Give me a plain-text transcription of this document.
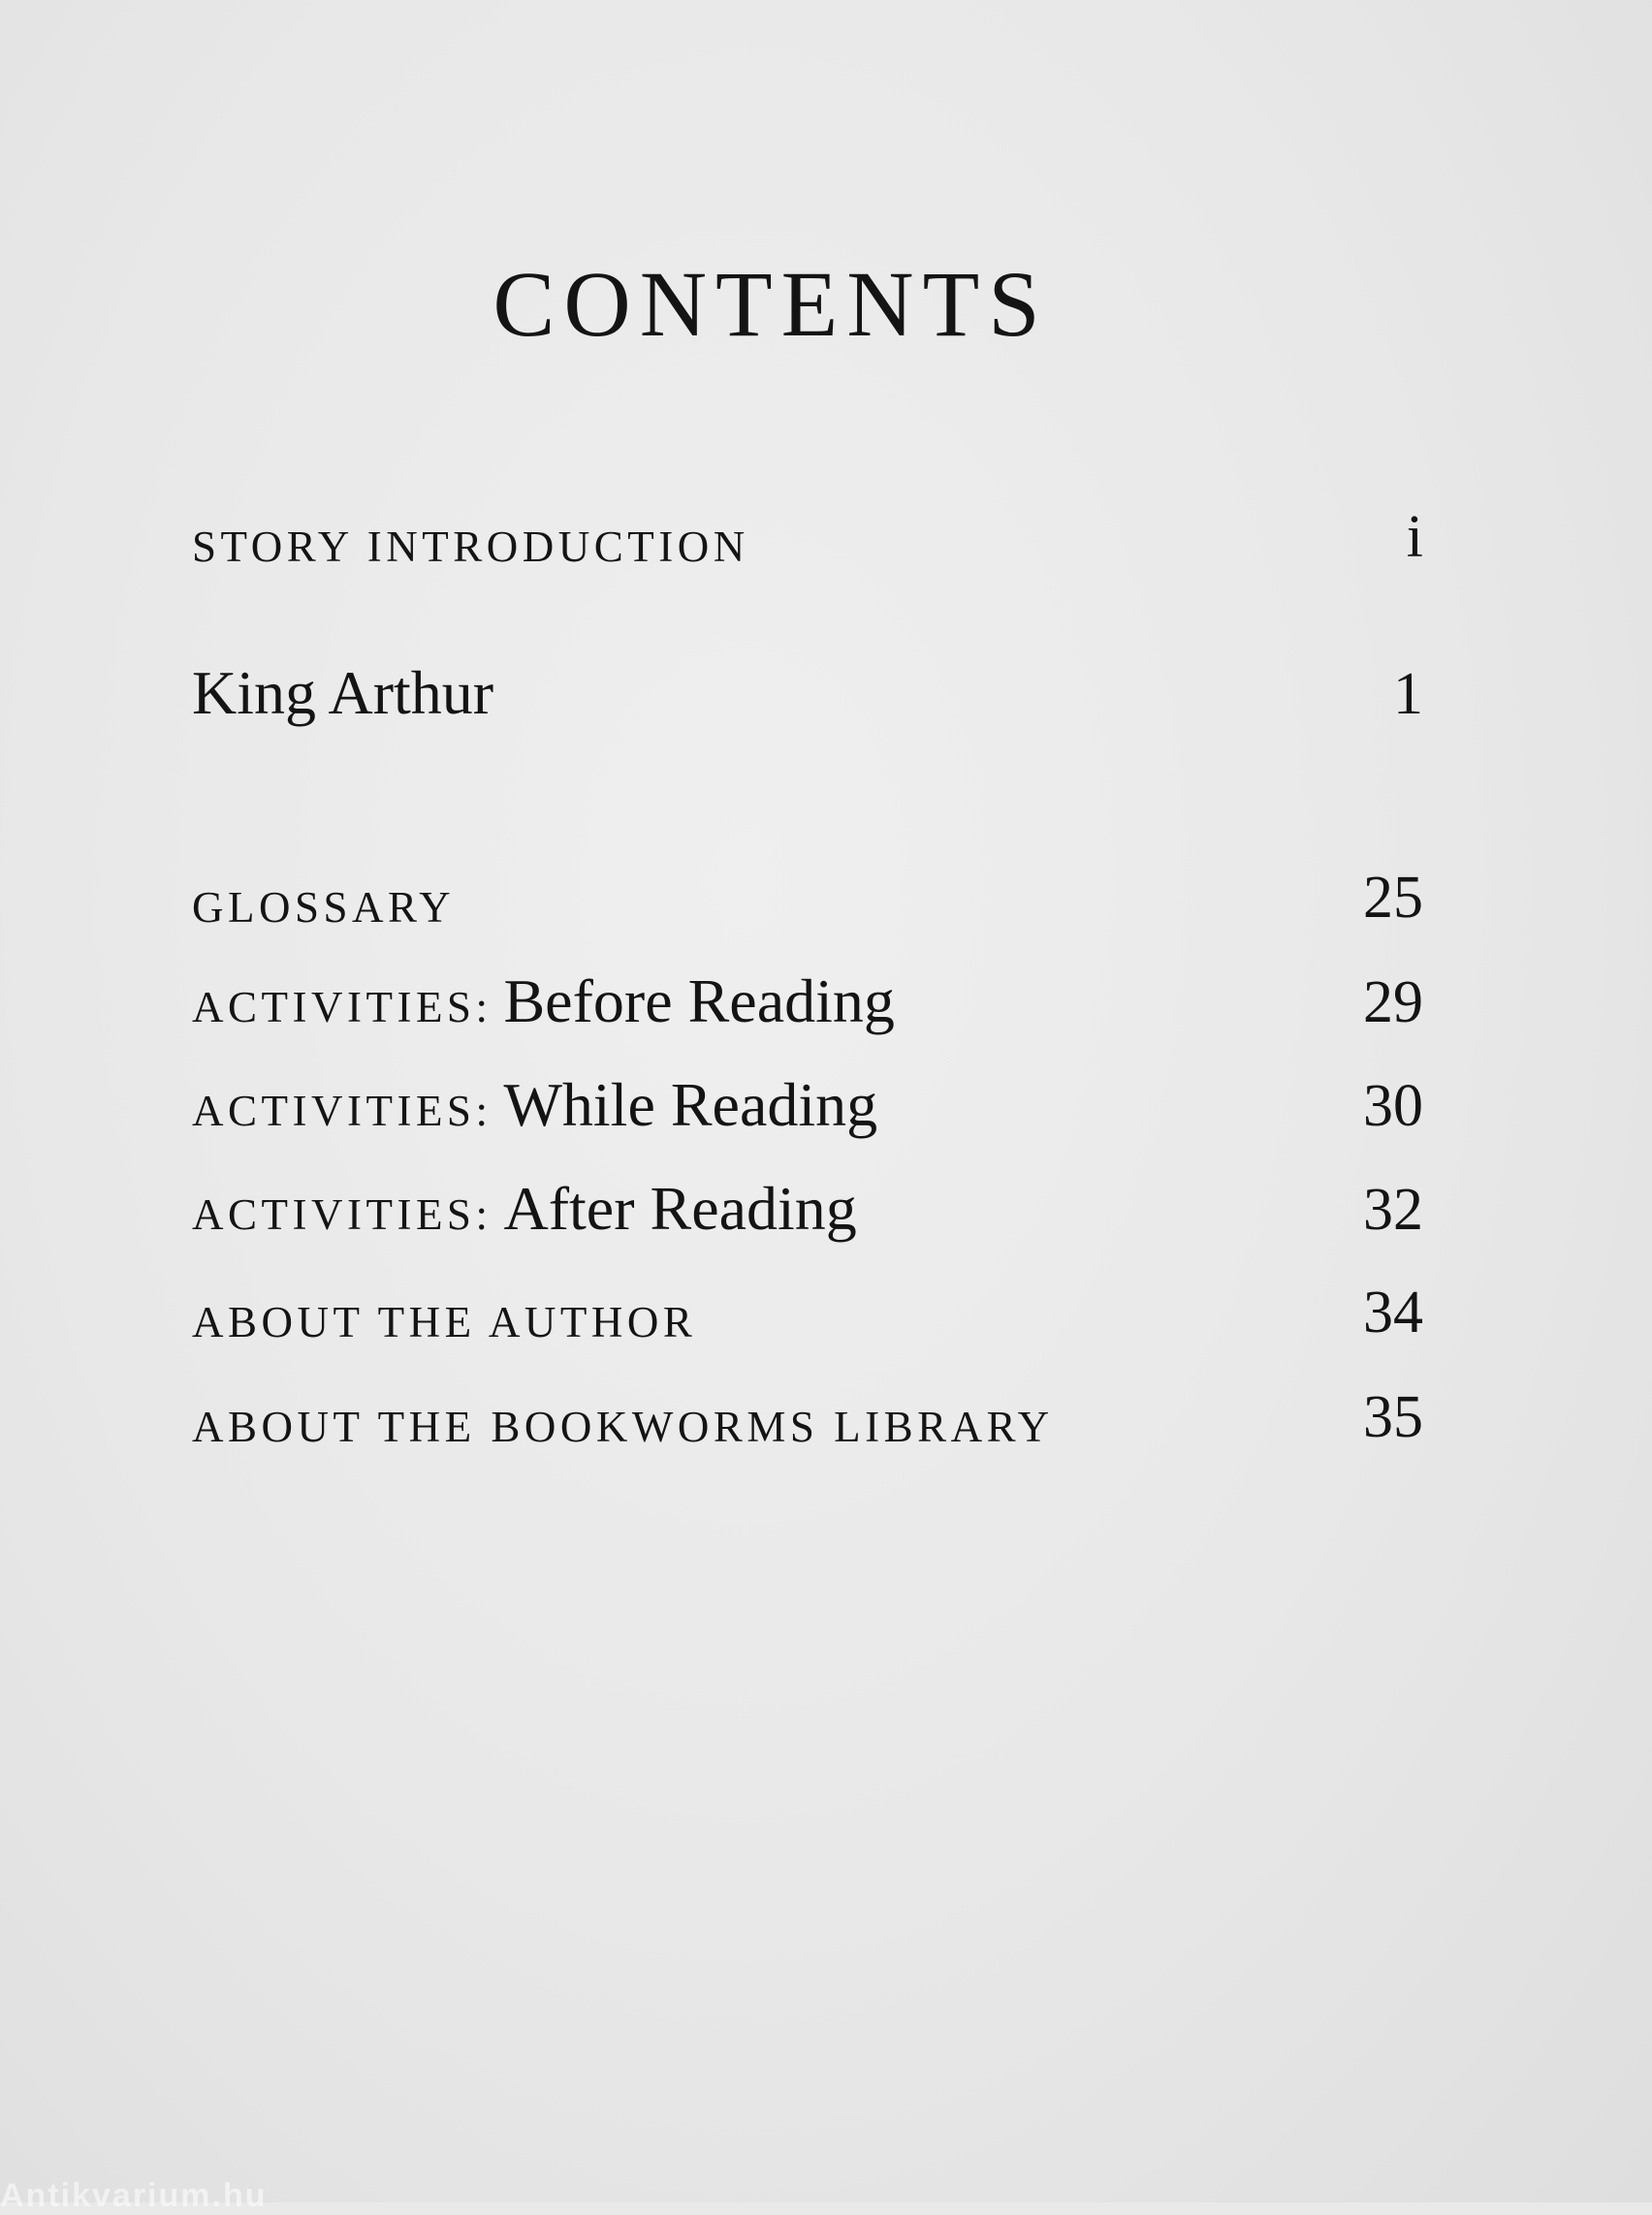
CONTENTS
STORY INTRODUCTION	i
King Arthur	1
GLOSSARY	25
ACTIVITIES: Before Reading	29
ACTIVITIES: While Reading	30
ACTIVITIES: After Reading	32
ABOUT THE AUTHOR	34
ABOUT THE BOOKWORMS LIBRARY	35
Antikvarium.hu
